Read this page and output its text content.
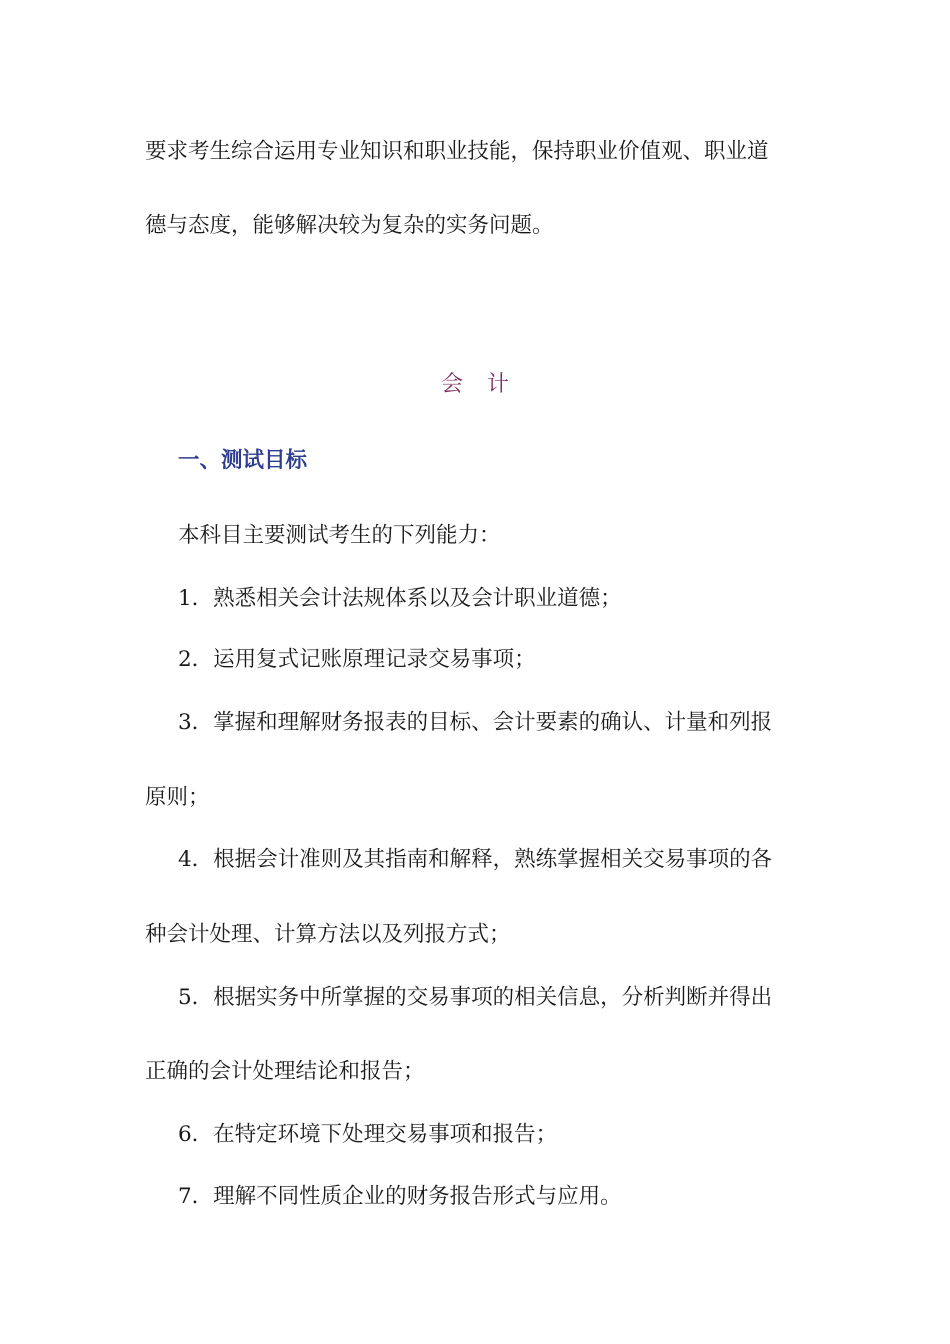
要求考生综合运用专业知识和职业技能，保持职业价值观、职业道

德与态度，能够解决较为复杂的实务问题。

会计
一、测试目标

本科目主要测试考生的下列能力：

1．熟悉相关会计法规体系以及会计职业道德；

2．运用复式记账原理记录交易事项；

3．掌握和理解财务报表的目标、会计要素的确认、计量和列报

原则；

4．根据会计准则及其指南和解释，熟练掌握相关交易事项的各

种会计处理、计算方法以及列报方式；

5．根据实务中所掌握的交易事项的相关信息，分析判断并得出

正确的会计处理结论和报告；

6．在特定环境下处理交易事项和报告；

7．理解不同性质企业的财务报告形式与应用。
